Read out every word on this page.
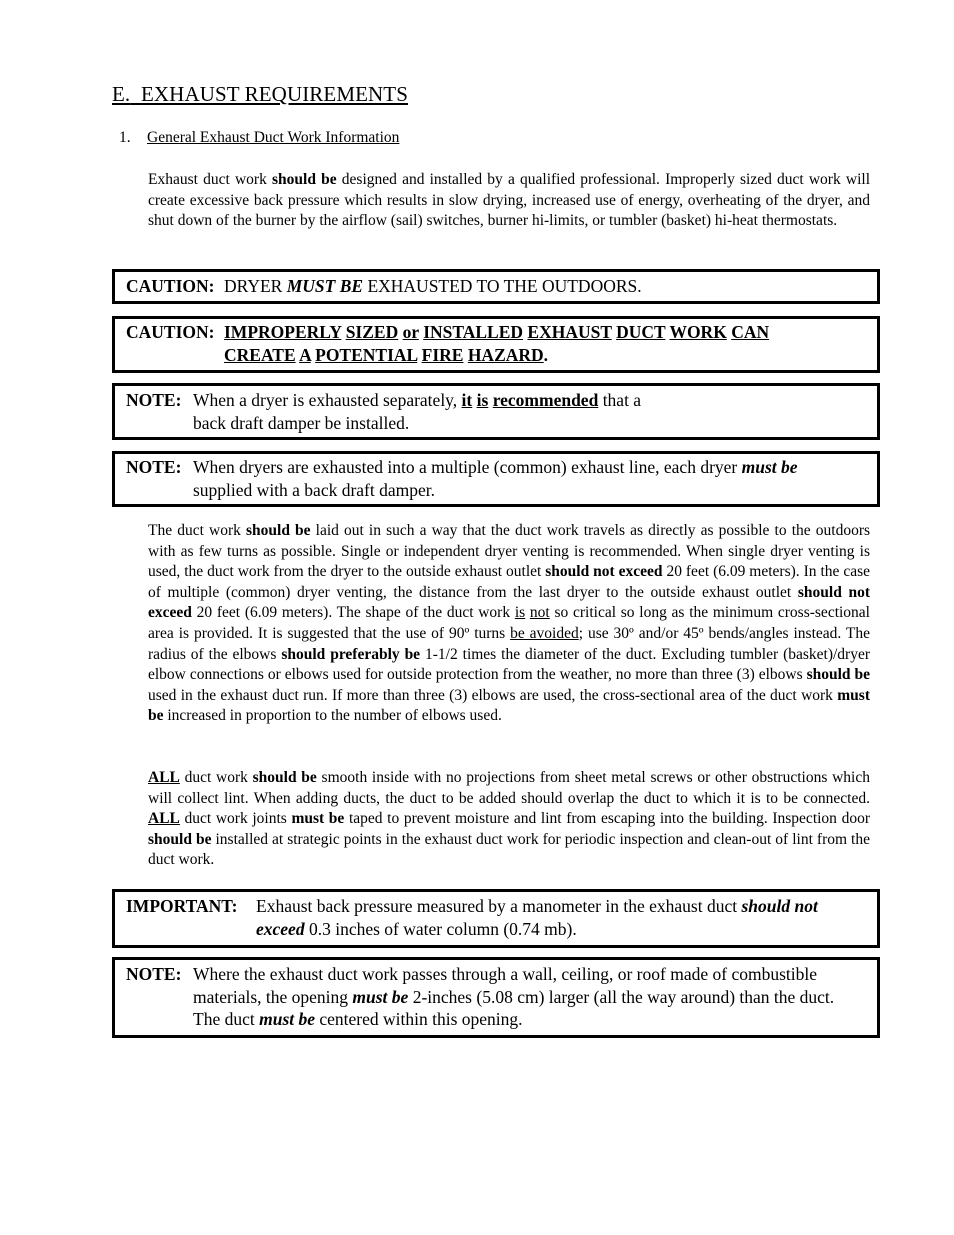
E. EXHAUST REQUIREMENTS
1. General Exhaust Duct Work Information
Exhaust duct work should be designed and installed by a qualified professional. Improperly sized duct work will create excessive back pressure which results in slow drying, increased use of energy, overheating of the dryer, and shut down of the burner by the airflow (sail) switches, burner hi-limits, or tumbler (basket) hi-heat thermostats.
CAUTION: DRYER MUST BE EXHAUSTED TO THE OUTDOORS.
CAUTION: IMPROPERLY SIZED or INSTALLED EXHAUST DUCT WORK CAN
CREATE A POTENTIAL FIRE HAZARD.
NOTE: When a dryer is exhausted separately, it is recommended that a back draft damper be installed.
NOTE: When dryers are exhausted into a multiple (common) exhaust line, each dryer must be supplied with a back draft damper.
The duct work should be laid out in such a way that the duct work travels as directly as possible to the outdoors with as few turns as possible. Single or independent dryer venting is recommended. When single dryer venting is used, the duct work from the dryer to the outside exhaust outlet should not exceed 20 feet (6.09 meters). In the case of multiple (common) dryer venting, the distance from the last dryer to the outside exhaust outlet should not exceed 20 feet (6.09 meters). The shape of the duct work is not so critical so long as the minimum cross-sectional area is provided. It is suggested that the use of 90º turns be avoided; use 30º and/or 45º bends/angles instead. The radius of the elbows should preferably be 1-1/2 times the diameter of the duct. Excluding tumbler (basket)/dryer elbow connections or elbows used for outside protection from the weather, no more than three (3) elbows should be used in the exhaust duct run. If more than three (3) elbows are used, the cross-sectional area of the duct work must be increased in proportion to the number of elbows used.
ALL duct work should be smooth inside with no projections from sheet metal screws or other obstructions which will collect lint. When adding ducts, the duct to be added should overlap the duct to which it is to be connected. ALL duct work joints must be taped to prevent moisture and lint from escaping into the building. Inspection door should be installed at strategic points in the exhaust duct work for periodic inspection and clean-out of lint from the duct work.
IMPORTANT:	Exhaust back pressure measured by a manometer in the exhaust duct should not exceed 0.3 inches of water column (0.74 mb).
NOTE: Where the exhaust duct work passes through a wall, ceiling, or roof made of combustible materials, the opening must be 2-inches (5.08 cm) larger (all the way around) than the duct. The duct must be centered within this opening.
